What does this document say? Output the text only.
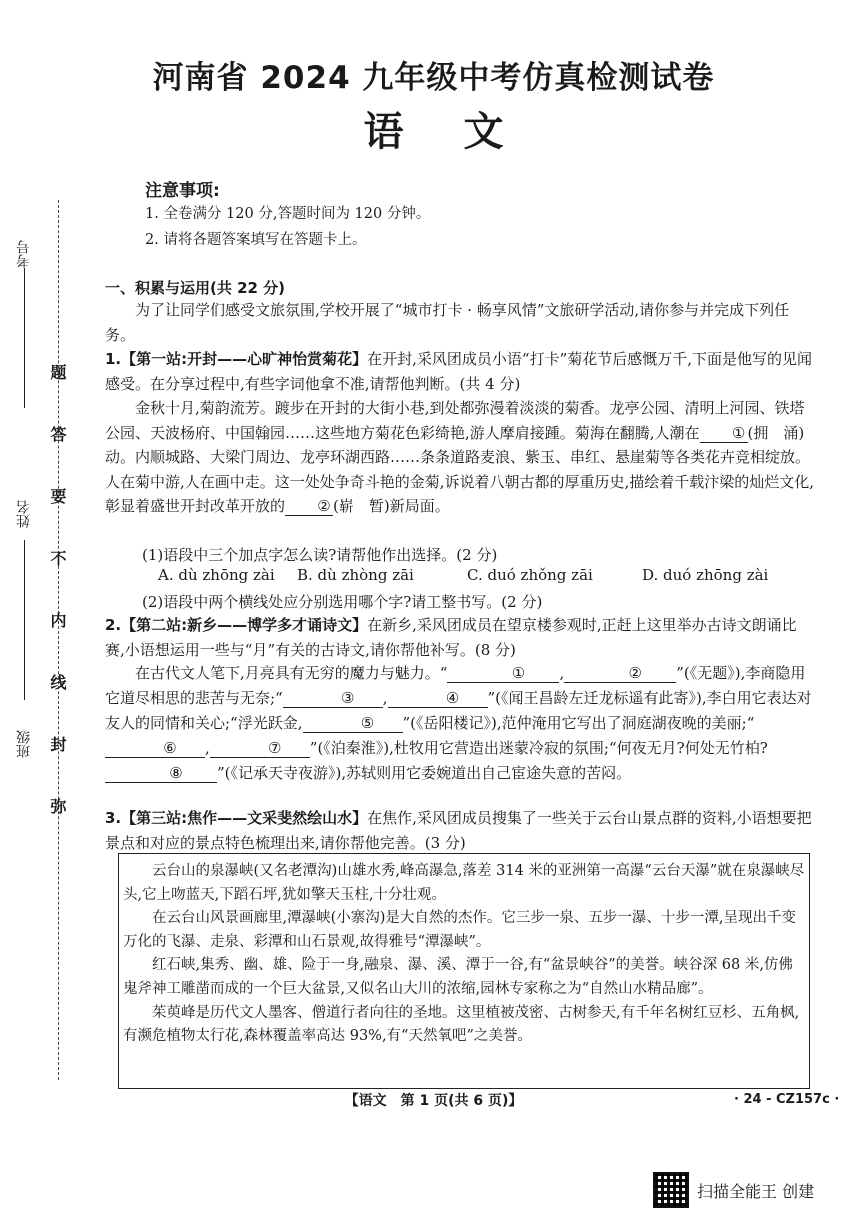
题
答
要
不
内
线
封
弥
考号
姓名
班级
河南省 2024 九年级中考仿真检测试卷
语文
注意事项:
1. 全卷满分 120 分,答题时间为 120 分钟。
2. 请将各题答案填写在答题卡上。
一、积累与运用(共 22 分)
为了让同学们感受文旅氛围,学校开展了“城市打卡 · 畅享风情”文旅研学活动,请你参与并完成下列任务。
1.【第一站:开封——心旷神怡赏菊花】在开封,采风团成员小语“打卡”菊花节后感慨万千,下面是他写的见闻感受。在分享过程中,有些字词他拿不准,请帮他判断。(共 4 分)
金秋十月,菊韵流芳。踱步在开封的大街小巷,到处都弥漫着淡淡的菊香。龙亭公园、清明上河园、铁塔公园、天波杨府、中国翰园……这些地方菊花色彩绮艳,游人摩肩接踵。菊海在翻腾,人潮在 ① (拥　涌)动。内顺城路、大梁门周边、龙亭环湖西路……条条道路麦浪、紫玉、串红、悬崖菊等各类花卉竞相绽放。人在菊中游,人在画中走。这一处处争奇斗艳的金菊,诉说着八朝古都的厚重历史,描绘着千载汴梁的灿烂文化,彰显着盛世开封改革开放的 ② (崭　暂)新局面。
(1)语段中三个加点字怎么读?请帮他作出选择。(2 分)
A. dù zhōng zài B. dù zhòng zāi	C. duó zhǒng zāi	D. duó zhōng zài
(2)语段中两个横线处应分别选用哪个字?请工整书写。(2 分)
2.【第二站:新乡——博学多才诵诗文】在新乡,采风团成员在望京楼参观时,正赶上这里举办古诗文朗诵比赛,小语想运用一些与“月”有关的古诗文,请你帮他补写。(8 分)
在古代文人笔下,月亮具有无穷的魔力与魅力。“	① ,	② ”(《无题》),李商隐用它道尽相思的悲苦与无奈;“	③ ,	④ ”(《闻王昌龄左迁龙标遥有此寄》),李白用它表达对友人的同情和关心;“浮光跃金,	⑤ ”(《岳阳楼记》),范仲淹用它写出了洞庭湖夜晚的美丽;“⑥ ,	⑦ ”(《泊秦淮》),杜牧用它营造出迷蒙冷寂的氛围;“何夜无月?何处无竹柏?⑧ ”(《记承天寺夜游》),苏轼则用它委婉道出自己宦途失意的苦闷。
3.【第三站:焦作——文采斐然绘山水】在焦作,采风团成员搜集了一些关于云台山景点群的资料,小语想要把景点和对应的景点特色梳理出来,请你帮他完善。(3 分)

云台山的泉瀑峡(又名老潭沟)山雄水秀,峰高瀑急,落差 314 米的亚洲第一高瀑“云台天瀑”就在泉瀑峡尽头,它上吻蓝天,下蹈石坪,犹如擎天玉柱,十分壮观。

在云台山风景画廊里,潭瀑峡(小寨沟)是大自然的杰作。它三步一泉、五步一瀑、十步一潭,呈现出千变万化的飞瀑、走泉、彩潭和山石景观,故得雅号“潭瀑峡”。

红石峡,集秀、幽、雄、险于一身,融泉、瀑、溪、潭于一谷,有“盆景峡谷”的美誉。峡谷深 68 米,仿佛鬼斧神工雕凿而成的一个巨大盆景,又似名山大川的浓缩,园林专家称之为“自然山水精品廊”。

茱萸峰是历代文人墨客、僧道行者向往的圣地。这里植被茂密、古树参天,有千年名树红豆杉、五角枫,有濒危植物太行花,森林覆盖率高达 93%,有“天然氧吧”之美誉。

【语文　第 1 页(共 6 页)】	· 24 - CZ157c ·
扫描全能王 创建
